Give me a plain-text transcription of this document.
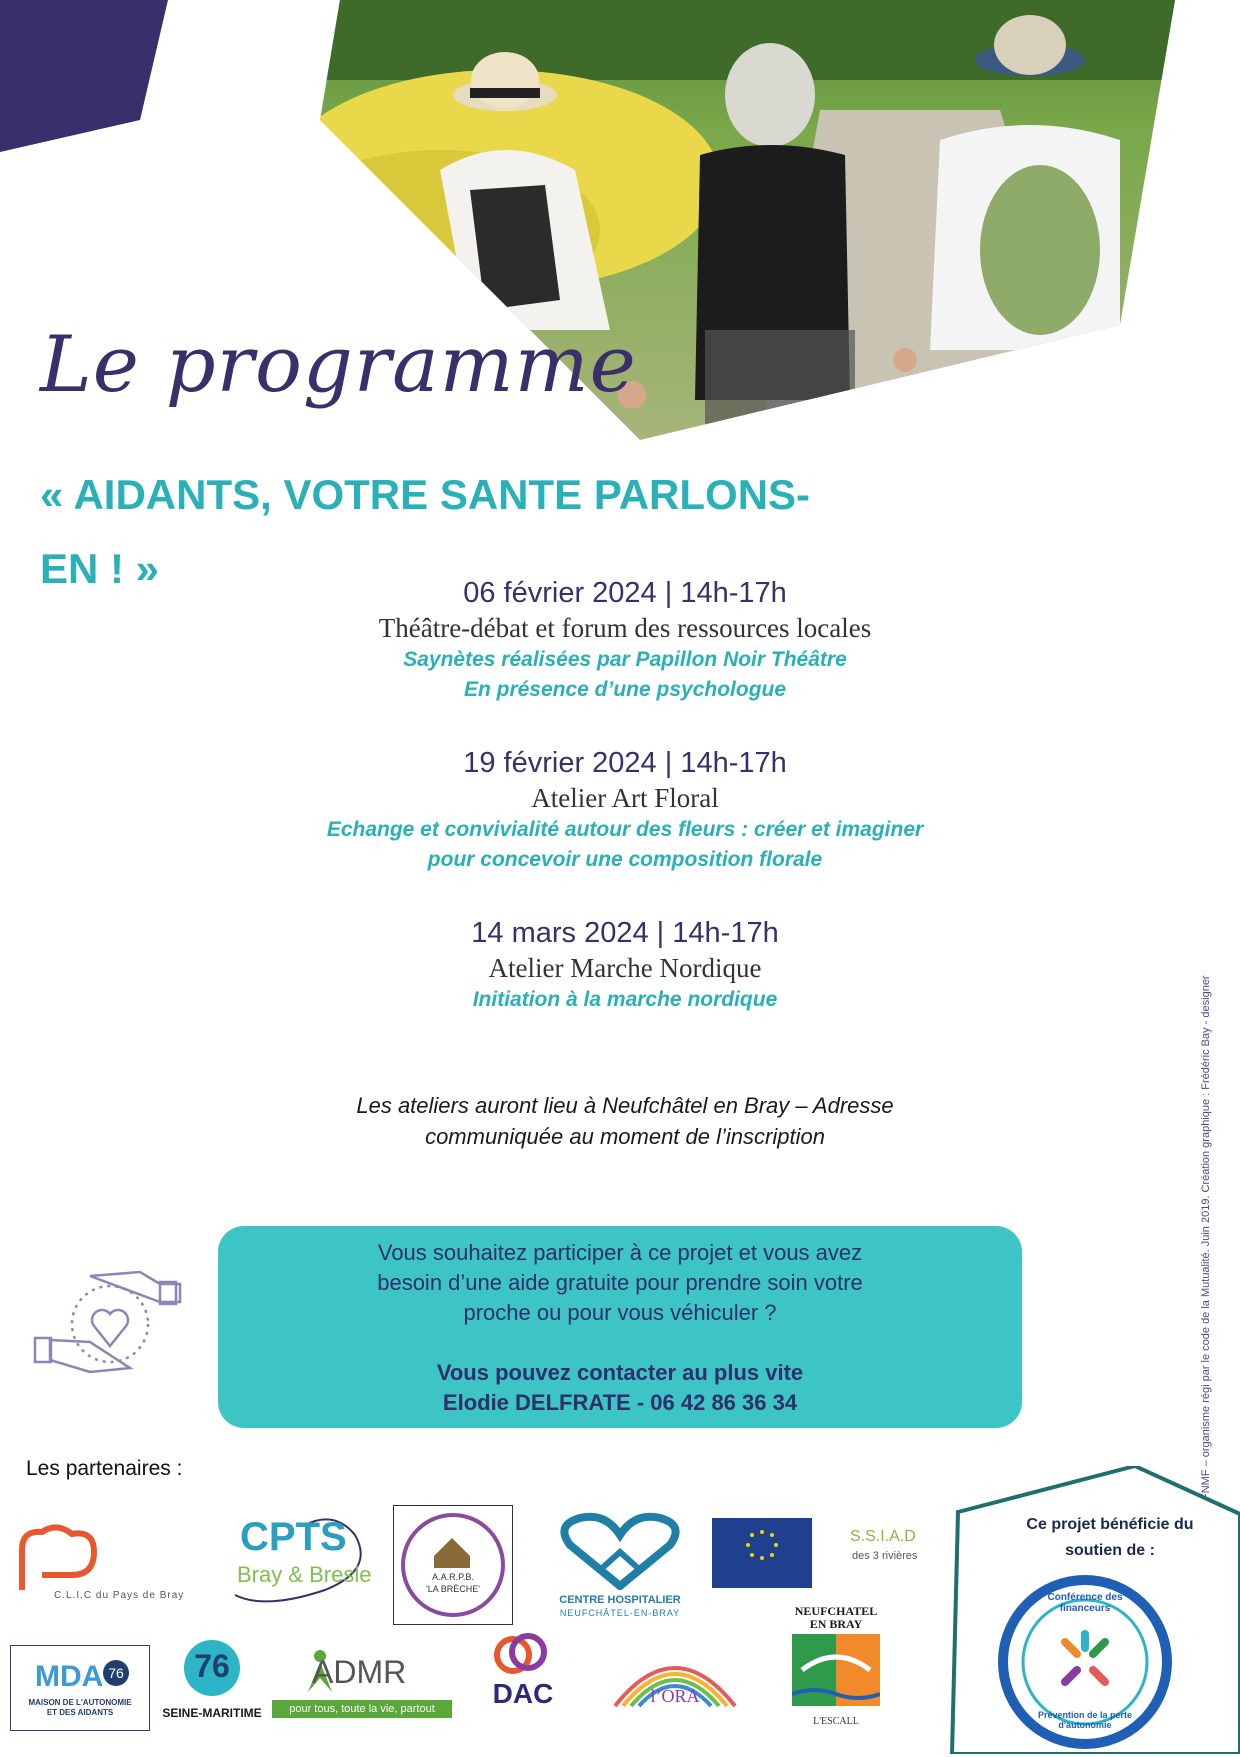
Le programme
« AIDANTS, VOTRE SANTE PARLONS-
EN ! »
06 février 2024 | 14h-17h
Théâtre-débat et forum des ressources locales
Saynètes réalisées par Papillon Noir Théâtre
En présence d’une psychologue
19 février 2024 | 14h-17h
Atelier Art Floral
Echange et convivialité autour des fleurs : créer et imaginer
pour concevoir une composition florale
14 mars 2024 | 14h-17h
Atelier Marche Nordique
Initiation à la marche nordique
Les ateliers auront lieu à Neufchâtel en Bray – Adresse
communiquée au moment de l’inscription
Vous souhaitez participer à ce projet et vous avez
besoin d’une aide gratuite pour prendre soin votre
proche ou pour vous véhiculer ?
Vous pouvez contacter au plus vite
Elodie DELFRATE - 06 42 86 36 34
Les partenaires :	FNMF – organisme régi par le code de la Mutualité. Juin 2019. Création graphique : Frédéric Bay - designer
C.L.I.C du Pays de Bray
CPTS
Bray & Bresle	A.A.R.P.B.
'LA BRÈCHE'
CENTRE HOSPITALIER
NEUFCHÂTEL-EN-BRAY
S.S.I.A.D
des 3 rivières
MDA 76
MAISON DE L'AUTONOMIE
ET DES AIDANTS
76
SEINE-MARITIME
ADMR
pour tous, toute la vie, partout	DAC	l’ORA
NEUFCHATEL
EN BRAY
L'ESCALL
Ce projet bénéficie du
soutien de :
Conférence des financeurs
Prévention de la perte d'autonomie
